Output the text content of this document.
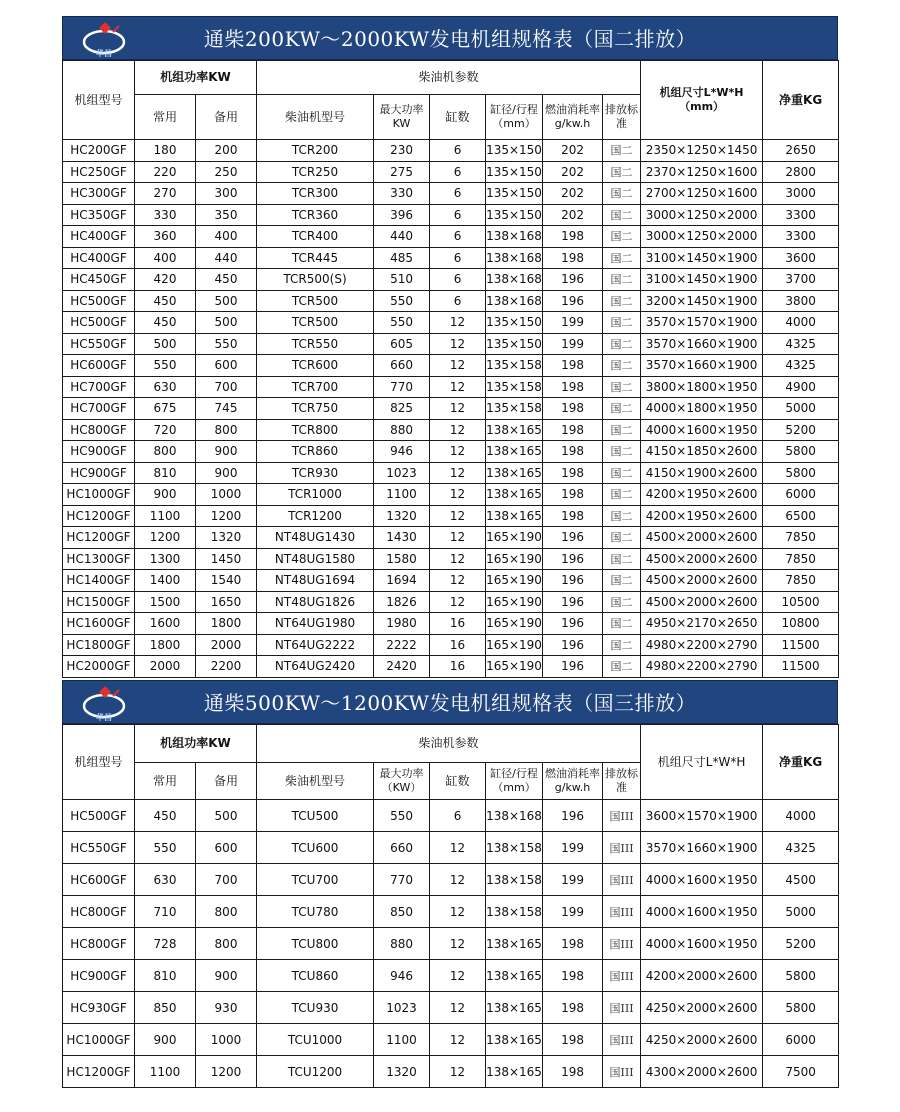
华昌
通柴200KW～2000KW发电机组规格表（国二排放）
机组型号	机组功率KW		柴油机参数						机组尺寸L*W*H（mm）	净重KG
	常用	备用	柴油机型号	最大功率KW	缸数	缸径/行程（mm）	燃油消耗率g/kw.h	排放标准		
HC200GF	180	200	TCR200	230	6	135×150	202	国二	2350×1250×1450	2650
HC250GF	220	250	TCR250	275	6	135×150	202	国二	2370×1250×1600	2800
HC300GF	270	300	TCR300	330	6	135×150	202	国二	2700×1250×1600	3000
HC350GF	330	350	TCR360	396	6	135×150	202	国二	3000×1250×2000	3300
HC400GF	360	400	TCR400	440	6	138×168	198	国二	3000×1250×2000	3300
HC400GF	400	440	TCR445	485	6	138×168	198	国二	3100×1450×1900	3600
HC450GF	420	450	TCR500(S)	510	6	138×168	196	国二	3100×1450×1900	3700
HC500GF	450	500	TCR500	550	6	138×168	196	国二	3200×1450×1900	3800
HC500GF	450	500	TCR500	550	12	135×150	199	国二	3570×1570×1900	4000
HC550GF	500	550	TCR550	605	12	135×150	199	国二	3570×1660×1900	4325
HC600GF	550	600	TCR600	660	12	135×158	198	国二	3570×1660×1900	4325
HC700GF	630	700	TCR700	770	12	135×158	198	国二	3800×1800×1950	4900
HC700GF	675	745	TCR750	825	12	135×158	198	国二	4000×1800×1950	5000
HC800GF	720	800	TCR800	880	12	138×165	198	国二	4000×1600×1950	5200
HC900GF	800	900	TCR860	946	12	138×165	198	国二	4150×1850×2600	5800
HC900GF	810	900	TCR930	1023	12	138×165	198	国二	4150×1900×2600	5800
HC1000GF	900	1000	TCR1000	1100	12	138×165	198	国二	4200×1950×2600	6000
HC1200GF	1100	1200	TCR1200	1320	12	138×165	198	国二	4200×1950×2600	6500
HC1200GF	1200	1320	NT48UG1430	1430	12	165×190	196	国二	4500×2000×2600	7850
HC1300GF	1300	1450	NT48UG1580	1580	12	165×190	196	国二	4500×2000×2600	7850
HC1400GF	1400	1540	NT48UG1694	1694	12	165×190	196	国二	4500×2000×2600	7850
HC1500GF	1500	1650	NT48UG1826	1826	12	165×190	196	国二	4500×2000×2600	10500
HC1600GF	1600	1800	NT64UG1980	1980	16	165×190	196	国二	4950×2170×2650	10800
HC1800GF	1800	2000	NT64UG2222	2222	16	165×190	196	国二	4980×2200×2790	11500
HC2000GF	2000	2200	NT64UG2420	2420	16	165×190	196	国二	4980×2200×2790	11500
华昌
通柴500KW～1200KW发电机组规格表（国三排放）
机组型号	机组功率KW		柴油机参数						机组尺寸L*W*H	净重KG
	常用	备用	柴油机型号	最大功率（KW）	缸数	缸径/行程（mm）	燃油消耗率g/kw.h	排放标准		
HC500GF	450	500	TCU500	550	6	138×168	196	国III	3600×1570×1900	4000
HC550GF	550	600	TCU600	660	12	138×158	199	国III	3570×1660×1900	4325
HC600GF	630	700	TCU700	770	12	138×158	199	国III	4000×1600×1950	4500
HC800GF	710	800	TCU780	850	12	138×158	199	国III	4000×1600×1950	5000
HC800GF	728	800	TCU800	880	12	138×165	198	国III	4000×1600×1950	5200
HC900GF	810	900	TCU860	946	12	138×165	198	国III	4200×2000×2600	5800
HC930GF	850	930	TCU930	1023	12	138×165	198	国III	4250×2000×2600	5800
HC1000GF	900	1000	TCU1000	1100	12	138×165	198	国III	4250×2000×2600	6000
HC1200GF	1100	1200	TCU1200	1320	12	138×165	198	国III	4300×2000×2600	7500
